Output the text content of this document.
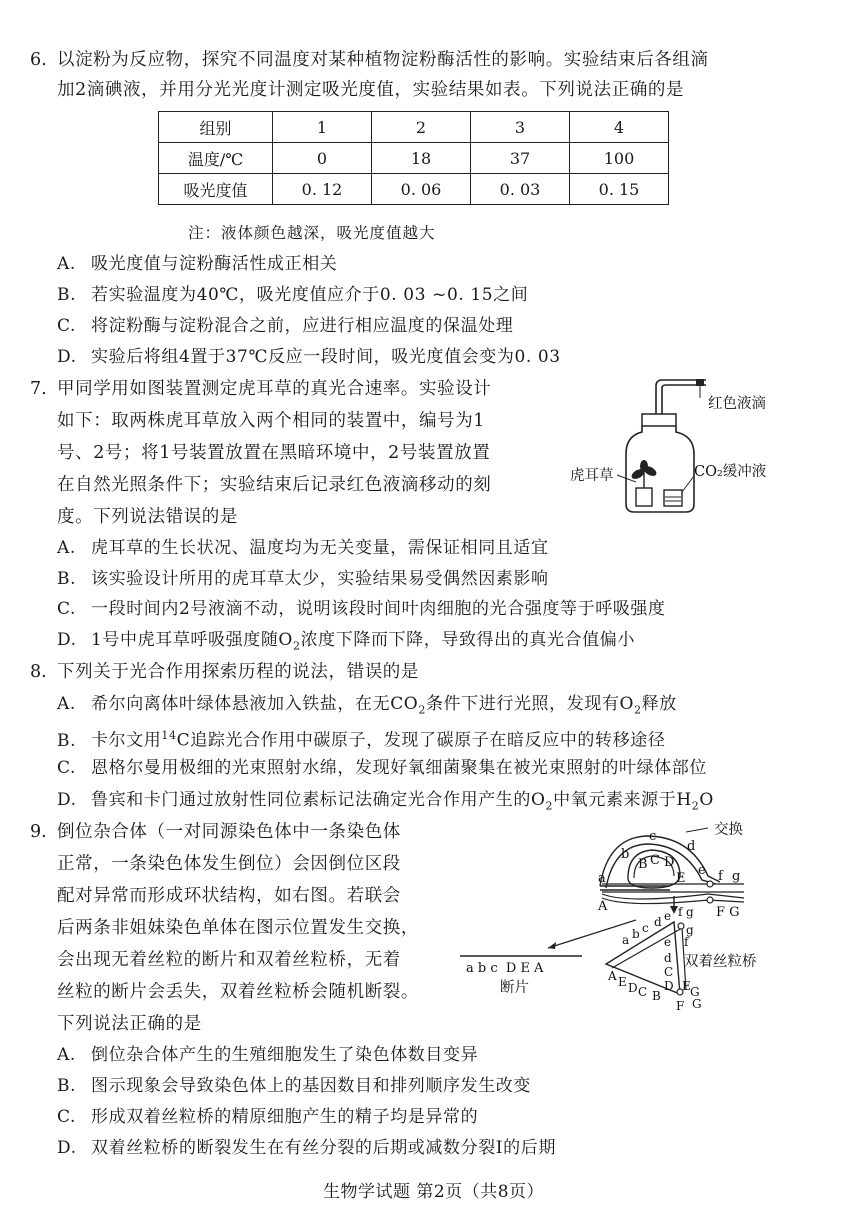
6. 以淀粉为反应物，探究不同温度对某种植物淀粉酶活性的影响。实验结束后各组滴
加2滴碘液，并用分光光度计测定吸光度值，实验结果如表。下列说法正确的是
组别	1	2	3	4
温度/℃	0	18	37	100
吸光度值	0. 12	0. 06	0. 03	0. 15
注：液体颜色越深，吸光度值越大
A. 吸光度值与淀粉酶活性成正相关
B. 若实验温度为40℃，吸光度值应介于0. 03 ~0. 15之间
C. 将淀粉酶与淀粉混合之前，应进行相应温度的保温处理
D. 实验后将组4置于37℃反应一段时间，吸光度值会变为0. 03
7. 甲同学用如图装置测定虎耳草的真光合速率。实验设计
如下：取两株虎耳草放入两个相同的装置中，编号为1
号、2号；将1号装置放置在黑暗环境中，2号装置放置
在自然光照条件下；实验结束后记录红色液滴移动的刻
度。下列说法错误的是
红色液滴
虎耳草	CO₂缓冲液
A. 虎耳草的生长状况、温度均为无关变量，需保证相同且适宜
B. 该实验设计所用的虎耳草太少，实验结果易受偶然因素影响
C. 一段时间内2号液滴不动，说明该段时间叶肉细胞的光合强度等于呼吸强度
D. 1号中虎耳草呼吸强度随$O_2$浓度下降而下降，导致得出的真光合值偏小
8. 下列关于光合作用探索历程的说法，错误的是
A. 希尔向离体叶绿体悬液加入铁盐，在无$CO_2$条件下进行光照，发现有$O_2$释放
B. 卡尔文用$^{14}$C追踪光合作用中碳原子，发现了碳原子在暗反应中的转移途径
C. 恩格尔曼用极细的光束照射水绵，发现好氧细菌聚集在被光束照射的叶绿体部位
D. 鲁宾和卡门通过放射性同位素标记法确定光合作用产生的$O_2$中氧元素来源于$H_2O$
9. 倒位杂合体（一对同源染色体中一条染色体
正常，一条染色体发生倒位）会因倒位区段
配对异常而形成环状结构，如右图。若联会
后两条非姐妹染色单体在图示位置发生交换，
会出现无着丝粒的断片和双着丝粒桥，无着
丝粒的断片会丢失，双着丝粒桥会随机断裂。
下列说法正确的是
a
b
c
d
B C D
E
e f g
A	F G
交换
a b c  D E A
断片
a b c d e f g
g
f
e
d
C
D
A E D C B
F
E G
G
双着丝粒桥
A. 倒位杂合体产生的生殖细胞发生了染色体数目变异
B. 图示现象会导致染色体上的基因数目和排列顺序发生改变
C. 形成双着丝粒桥的精原细胞产生的精子均是异常的
D. 双着丝粒桥的断裂发生在有丝分裂的后期或减数分裂Ⅰ的后期
生物学试题 第2页（共8页）
